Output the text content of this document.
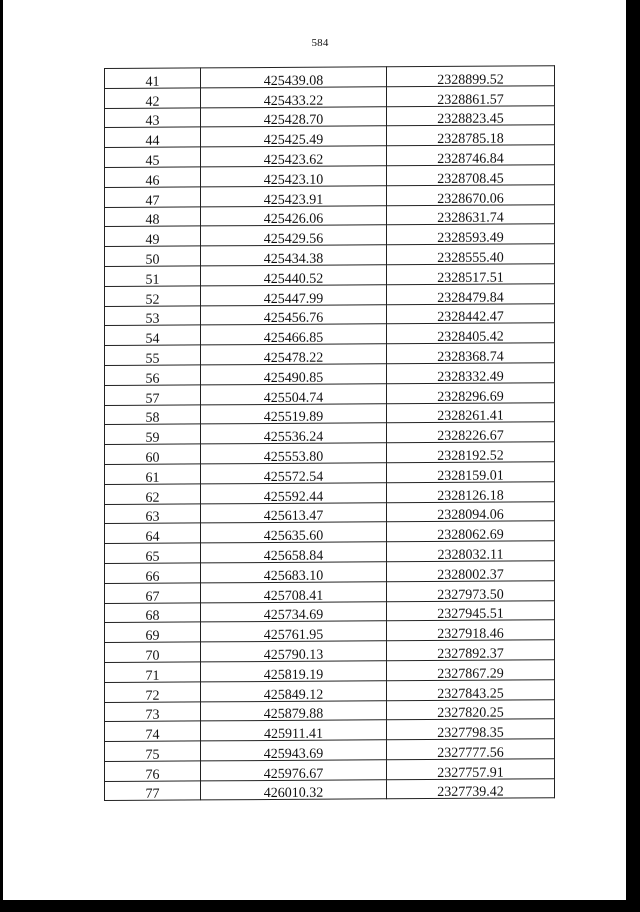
584
41	425439.08	2328899.52
42	425433.22	2328861.57
43	425428.70	2328823.45
44	425425.49	2328785.18
45	425423.62	2328746.84
46	425423.10	2328708.45
47	425423.91	2328670.06
48	425426.06	2328631.74
49	425429.56	2328593.49
50	425434.38	2328555.40
51	425440.52	2328517.51
52	425447.99	2328479.84
53	425456.76	2328442.47
54	425466.85	2328405.42
55	425478.22	2328368.74
56	425490.85	2328332.49
57	425504.74	2328296.69
58	425519.89	2328261.41
59	425536.24	2328226.67
60	425553.80	2328192.52
61	425572.54	2328159.01
62	425592.44	2328126.18
63	425613.47	2328094.06
64	425635.60	2328062.69
65	425658.84	2328032.11
66	425683.10	2328002.37
67	425708.41	2327973.50
68	425734.69	2327945.51
69	425761.95	2327918.46
70	425790.13	2327892.37
71	425819.19	2327867.29
72	425849.12	2327843.25
73	425879.88	2327820.25
74	425911.41	2327798.35
75	425943.69	2327777.56
76	425976.67	2327757.91
77	426010.32	2327739.42
